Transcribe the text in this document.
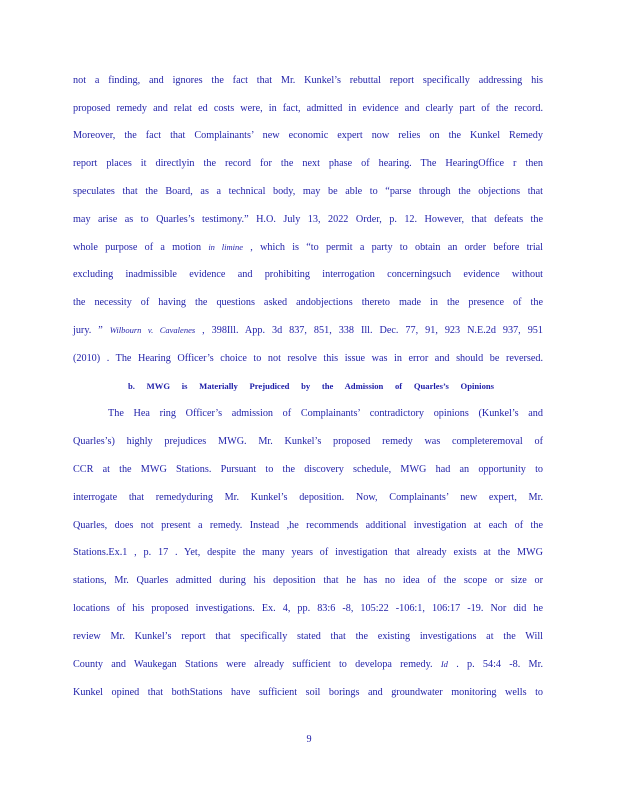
not a finding, and ignores the fact that Mr. Kunkel’s rebuttal report specifically addressing his
proposed remedy and relat ed costs were, in fact, admitted in evidence and clearly part of the record.
Moreover, the fact that Complainants’ new economic expert now relies on the Kunkel Remedy
report places it directlyin the record for the next phase of hearing. The HearingOffice r then
speculates that the Board, as a technical body, may be able to “parse through the objections that
may arise as to Quarles’s testimony.” H.O. July 13, 2022 Order, p. 12. However, that defeats the
whole purpose of a motion in limine , which is “to permit a party to obtain an order before trial
excluding inadmissible evidence and prohibiting interrogation concerningsuch evidence without
the necessity of having the questions asked andobjections thereto made in the presence of the
jury. ” Wilbourn v. Cavalenes , 398Ill. App. 3d 837, 851, 338 Ill. Dec. 77, 91, 923 N.E.2d 937, 951
(2010) . The Hearing Officer’s choice to not resolve this issue was in error and should be reversed.
b. MWG is Materially Prejudiced by the Admission of Quarles’s Opinions
The Hea ring Officer’s admission of Complainants’ contradictory opinions (Kunkel’s and
Quarles’s) highly prejudices MWG. Mr. Kunkel’s proposed remedy was completeremoval of
CCR at the MWG Stations. Pursuant to the discovery schedule, MWG had an opportunity to
interrogate that remedyduring Mr. Kunkel’s deposition. Now, Complainants’ new expert, Mr.
Quarles, does not present a remedy. Instead ,he recommends additional investigation at each of the
Stations.Ex.1 , p. 17 . Yet, despite the many years of investigation that already exists at the MWG
stations, Mr. Quarles admitted during his deposition that he has no idea of the scope or size or
locations of his proposed investigations. Ex. 4, pp. 83:6 -8, 105:22 -106:1, 106:17 -19. Nor did he
review Mr. Kunkel’s report that specifically stated that the existing investigations at the Will
County and Waukegan Stations were already sufficient to developa remedy. Id . p. 54:4 -8. Mr.
Kunkel opined that bothStations have sufficient soil borings and groundwater monitoring wells to
9
